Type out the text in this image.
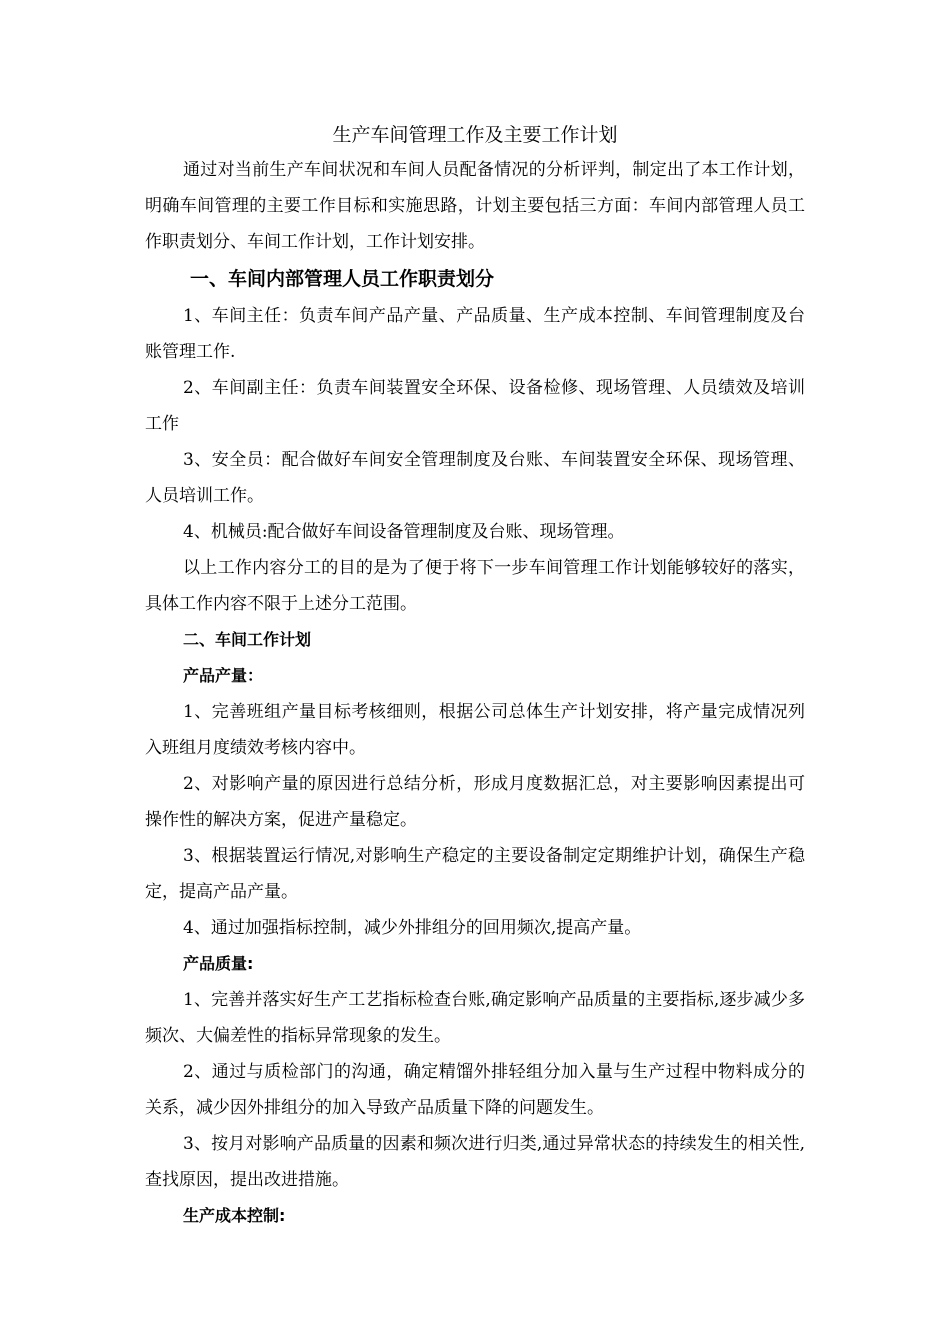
生产车间管理工作及主要工作计划

通过对当前生产车间状况和车间人员配备情况的分析评判，制定出了本工作计划，明确车间管理的主要工作目标和实施思路，计划主要包括三方面：车间内部管理人员工作职责划分、车间工作计划，工作计划安排。

一、车间内部管理人员工作职责划分

1、车间主任：负责车间产品产量、产品质量、生产成本控制、车间管理制度及台账管理工作.

2、车间副主任：负责车间装置安全环保、设备检修、现场管理、人员绩效及培训工作

3、安全员：配合做好车间安全管理制度及台账、车间装置安全环保、现场管理、人员培训工作。

4、机械员:配合做好车间设备管理制度及台账、现场管理。

以上工作内容分工的目的是为了便于将下一步车间管理工作计划能够较好的落实，具体工作内容不限于上述分工范围。

二、车间工作计划
产品产量：

1、完善班组产量目标考核细则，根据公司总体生产计划安排，将产量完成情况列入班组月度绩效考核内容中。

2、对影响产量的原因进行总结分析，形成月度数据汇总，对主要影响因素提出可操作性的解决方案，促进产量稳定。

3、根据装置运行情况,对影响生产稳定的主要设备制定定期维护计划，确保生产稳定，提高产品产量。

4、通过加强指标控制，减少外排组分的回用频次,提高产量。

产品质量:

1、完善并落实好生产工艺指标检查台账,确定影响产品质量的主要指标,逐步减少多频次、大偏差性的指标异常现象的发生。

2、通过与质检部门的沟通，确定精馏外排轻组分加入量与生产过程中物料成分的关系，减少因外排组分的加入导致产品质量下降的问题发生。

3、按月对影响产品质量的因素和频次进行归类,通过异常状态的持续发生的相关性,查找原因，提出改进措施。

生产成本控制:
